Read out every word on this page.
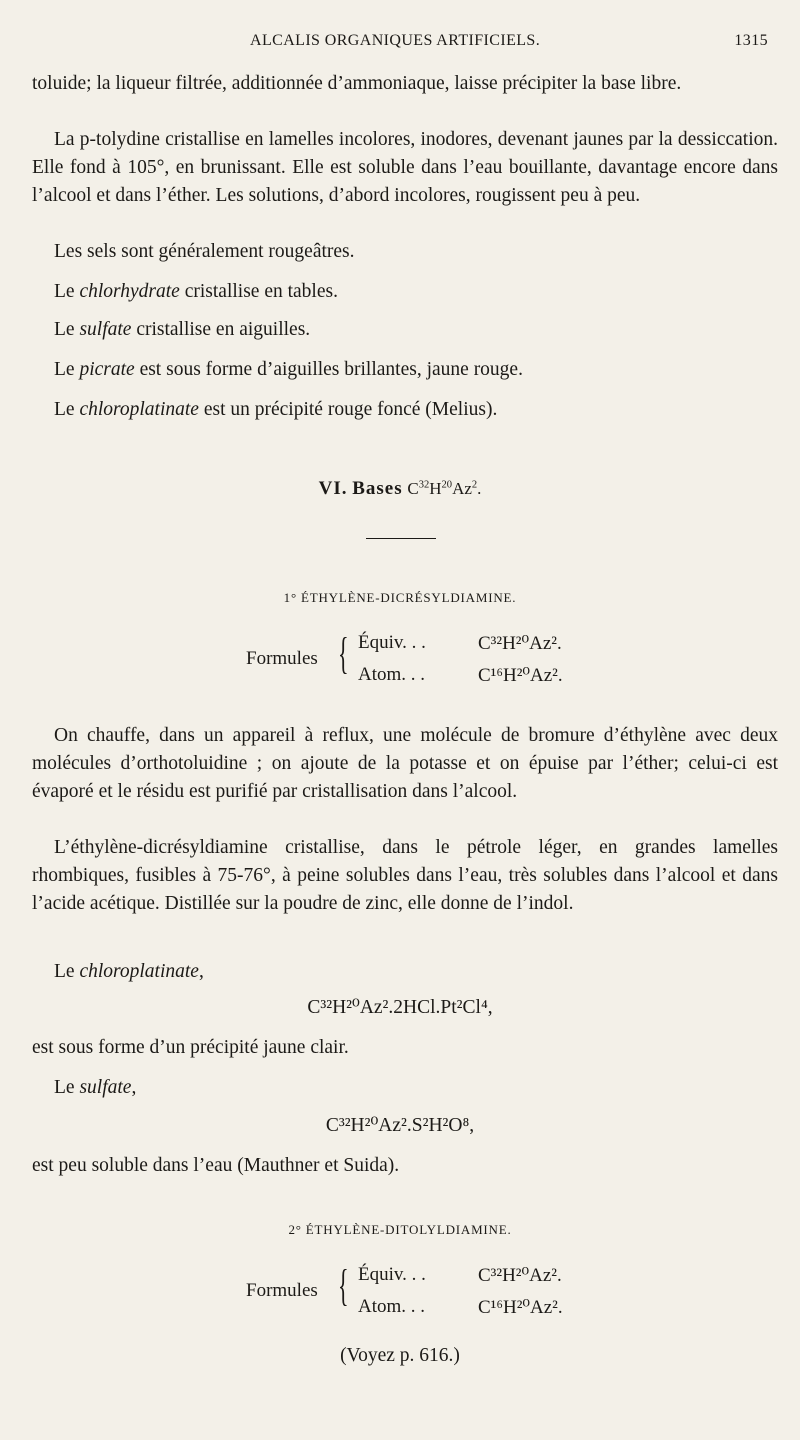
ALCALIS ORGANIQUES ARTIFICIELS.	1315

toluide; la liqueur filtrée, additionnée d’ammoniaque, laisse précipiter la base libre.

La p-tolydine cristallise en lamelles incolores, inodores, devenant jaunes par la dessiccation. Elle fond à 105°, en brunissant. Elle est soluble dans l’eau bouillante, davantage encore dans l’alcool et dans l’éther. Les solutions, d’abord incolores, rougissent peu à peu.

Les sels sont généralement rougeâtres.

Le chlorhydrate cristallise en tables.

Le sulfate cristallise en aiguilles.

Le picrate est sous forme d’aiguilles brillantes, jaune rouge.

Le chloroplatinate est un précipité rouge foncé (Melius).

VI. Bases $C^{32}H^{20}Az^2$.
1° ÉTHYLÈNE-DICRÉSYLDIAMINE.
Formules { Équiv. . .	C³²H²⁰Az².
Atom. . .	C¹⁶H²⁰Az².

On chauffe, dans un appareil à reflux, une molécule de bromure d’éthylène avec deux molécules d’orthotoluidine ; on ajoute de la potasse et on épuise par l’éther; celui-ci est évaporé et le résidu est purifié par cristallisation dans l’alcool.

L’éthylène-dicrésyldiamine cristallise, dans le pétrole léger, en grandes lamelles rhombiques, fusibles à 75-76°, à peine solubles dans l’eau, très solubles dans l’alcool et dans l’acide acétique. Distillée sur la poudre de zinc, elle donne de l’indol.

Le chloroplatinate,

C³²H²⁰Az².2HCl.Pt²Cl⁴,

est sous forme d’un précipité jaune clair.

Le sulfate,

C³²H²⁰Az².S²H²O⁸,

est peu soluble dans l’eau (Mauthner et Suida).

2° ÉTHYLÈNE-DITOLYLDIAMINE.
Formules { Équiv. . .	C³²H²⁰Az².
Atom. . .	C¹⁶H²⁰Az².

(Voyez p. 616.)
